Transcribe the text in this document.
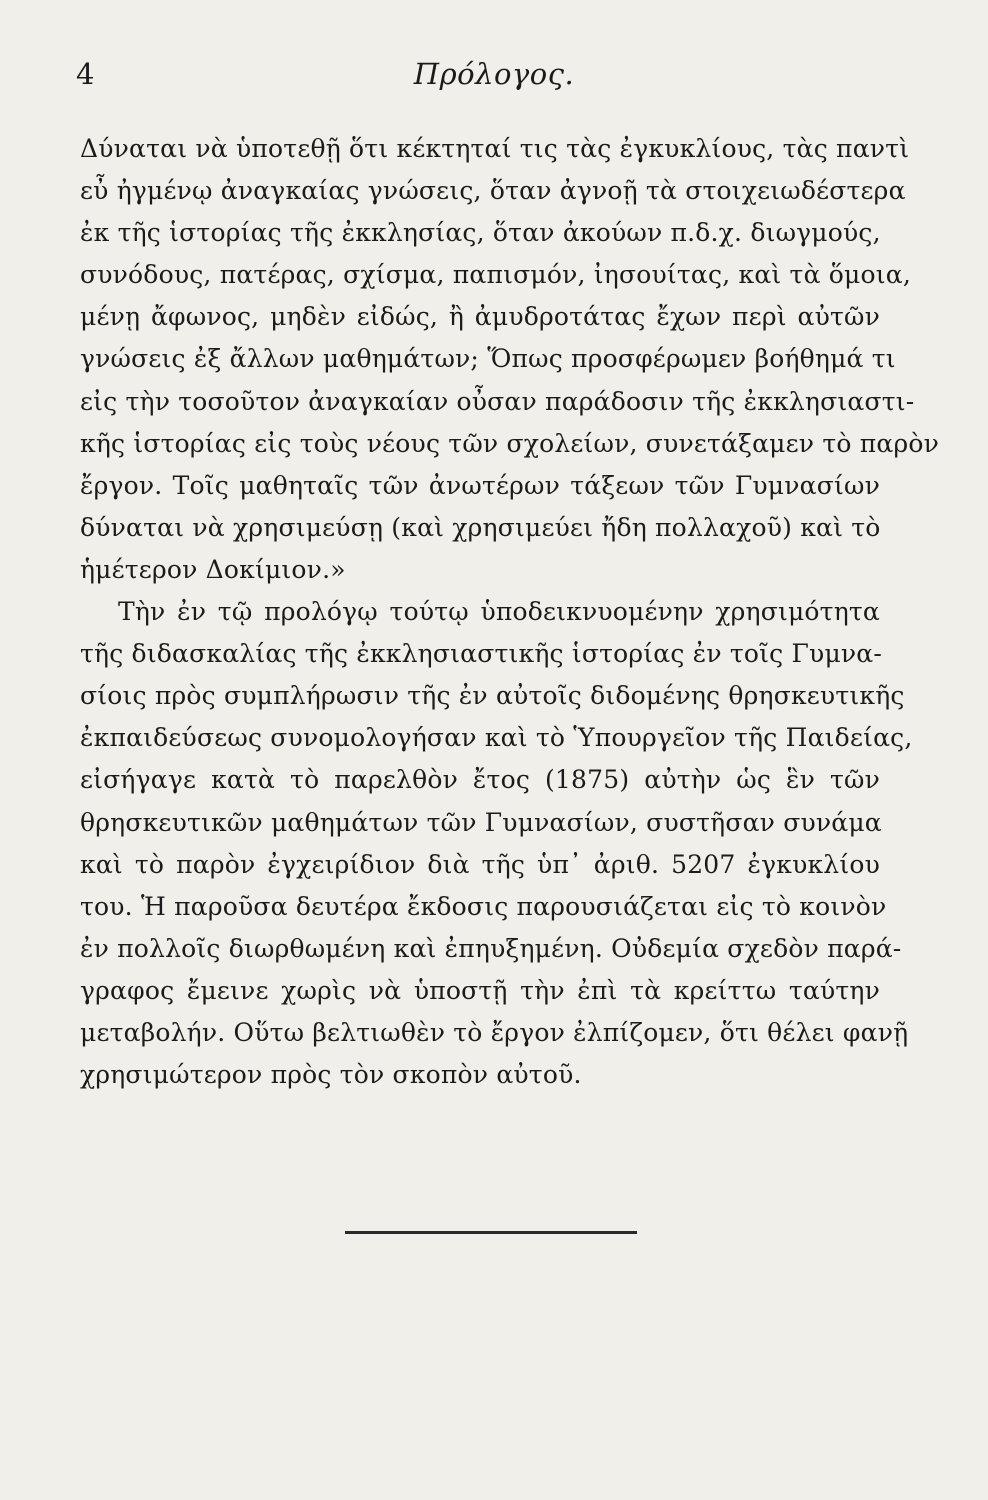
4	Πρόλογος.
Δύναται νὰ ὑποτεθῇ ὅτι κέκτηταί τις τὰς ἐγκυκλίους, τὰς παντὶ
εὖ ἠγμένῳ ἀναγκαίας γνώσεις, ὅταν ἀγνοῇ τὰ στοιχειωδέστερα
ἐκ τῆς ἱστορίας τῆς ἐκκλησίας, ὅταν ἀκούων π.δ.χ. διωγμούς,
συνόδους, πατέρας, σχίσμα, παπισμόν, ἰησουίτας, καὶ τὰ ὅμοια,
μένῃ ἄφωνος, μηδὲν εἰδώς, ἢ ἀμυδροτάτας ἔχων περὶ αὐτῶν
γνώσεις ἐξ ἄλλων μαθημάτων; Ὅπως προσφέρωμεν βοήθημά τι
εἰς τὴν τοσοῦτον ἀναγκαίαν οὖσαν παράδοσιν τῆς ἐκκλησιαστι-
κῆς ἱστορίας εἰς τοὺς νέους τῶν σχολείων, συνετάξαμεν τὸ παρὸν
ἔργον. Τοῖς μαθηταῖς τῶν ἀνωτέρων τάξεων τῶν Γυμνασίων
δύναται νὰ χρησιμεύσῃ (καὶ χρησιμεύει ἤδη πολλαχοῦ) καὶ τὸ
ἡμέτερον Δοκίμιον.»
Τὴν ἐν τῷ προλόγῳ τούτῳ ὑποδεικνυομένην χρησιμότητα
τῆς διδασκαλίας τῆς ἐκκλησιαστικῆς ἱστορίας ἐν τοῖς Γυμνα-
σίοις πρὸς συμπλήρωσιν τῆς ἐν αὐτοῖς διδομένης θρησκευτικῆς
ἐκπαιδεύσεως συνομολογήσαν καὶ τὸ Ὑπουργεῖον τῆς Παιδείας,
εἰσήγαγε κατὰ τὸ παρελθὸν ἔτος (1875) αὐτὴν ὡς ἓν τῶν
θρησκευτικῶν μαθημάτων τῶν Γυμνασίων, συστῆσαν συνάμα
καὶ τὸ παρὸν ἐγχειρίδιον διὰ τῆς ὑπ᾽ ἀριθ. 5207 ἐγκυκλίου
του. Ἡ παροῦσα δευτέρα ἔκδοσις παρουσιάζεται εἰς τὸ κοινὸν
ἐν πολλοῖς διωρθωμένη καὶ ἐπηυξημένη. Οὐδεμία σχεδὸν παρά-
γραφος ἔμεινε χωρὶς νὰ ὑποστῇ τὴν ἐπὶ τὰ κρείττω ταύτην
μεταβολήν. Οὕτω βελτιωθὲν τὸ ἔργον ἐλπίζομεν, ὅτι θέλει φανῇ
χρησιμώτερον πρὸς τὸν σκοπὸν αὐτοῦ.
